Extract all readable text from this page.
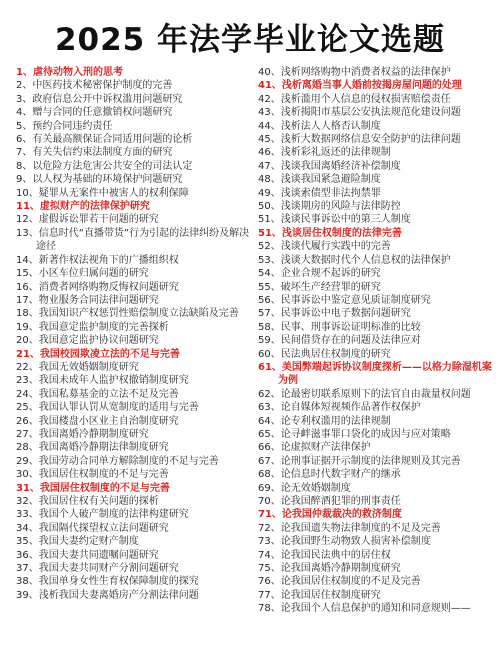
2025 年法学毕业论文选题
1、虐待动物入刑的思考
2、中医药技术秘密保护制度的完善
3、政府信息公开中诉权滥用问题研究
4、赠与合同的任意撤销权问题研究
5、预约合同违约责任
6、有关最高额保证合同适用问题的论析
7、有关失信约束法制度方面的研究
8、以危险方法危害公共安全的司法认定
9、以人权为基础的环境保护问题研究
10、疑罪从无案件中被害人的权利保障
11、虚拟财产的法律保护研究
12、虚假诉讼罪若干问题的研究
13、信息时代“直播带货”行为引起的法律纠纷及解决途径
14、新著作权法视角下的广播组织权
15、小区车位归属问题的研究
16、消费者网络购物反悔权问题研究
17、物业服务合同法律问题研究
18、我国知识产权惩罚性赔偿制度立法缺陷及完善
19、我国意定监护制度的完善探析
20、我国意定监护协议问题研究
21、我国校园欺凌立法的不足与完善
22、我国无效婚姻制度研究
23、我国未成年人监护权撤销制度研究
24、我国私募基金的立法不足及完善
25、我国认罪认罚从宽制度的适用与完善
26、我国楼盘小区业主自治制度研究
27、我国离婚冷静期制度研究
28、我国离婚冷静期法律制度研究
29、我国劳动合同单方解除制度的不足与完善
30、我国居住权制度的不足与完善
31、我国居住权制度的不足与完善
32、我国居住权有关问题的探析
33、我国个人破产制度的法律构建研究
34、我国隔代探望权立法问题研究
35、我国夫妻约定财产制度
36、我国夫妻共同遗嘱问题研究
37、我国夫妻共同财产分割问题研究
38、我国单身女性生育权保障制度的探究
39、浅析我国夫妻离婚房产分割法律问题
40、浅析网络购物中消费者权益的法律保护
41、浅析离婚当事人婚前按揭房屋问题的处理
42、浅析滥用个人信息的侵权损害赔偿责任
43、浅析揭阳市基层公安执法规范化建设问题
44、浅析法人人格否认制度
45、浅析大数据网络信息安全防护的法律问题
46、浅析彩礼返还的法律规制
47、浅谈我国离婚经济补偿制度
48、浅谈我国紧急避险制度
49、浅谈索债型非法拘禁罪
50、浅谈期房的风险与法律防控
51、浅谈民事诉讼中的第三人制度
51、浅谈居住权制度的法律完善
52、浅谈代履行实践中的完善
53、浅谈大数据时代个人信息权的法律保护
54、企业合规不起诉的研究
55、破坏生产经营罪的研究
56、民事诉讼中鉴定意见质证制度研究
57、民事诉讼中电子数据问题研究
58、民事、刑事诉讼证明标准的比较
59、民间借贷存在的问题及法律应对
60、民法典居住权制度的研究
61、美国弊端起诉协议制度探析——以格力除湿机案为例
62、论最密切联系原则下的法官自由裁量权问题
63、论自媒体短视频作品著作权保护
64、论专利权滥用的法律规制
65、论寻衅滋事罪口袋化的成因与应对策略
66、论虚拟财产法律保护
67、论刑事证据开示制度的法律规则及其完善
68、论信息时代数字财产的继承
69、论无效婚姻制度
70、论我国醉酒犯罪的刑事责任
71、论我国仲裁裁决的救济制度
72、论我国遗失物法律制度的不足及完善
73、论我国野生动物致人损害补偿制度
74、论我国民法典中的居住权
75、论我国离婚冷静期制度研究
76、论我国居住权制度的不足及完善
77、论我国居住权制度研究
78、论我国个人信息保护的通知和同意规则——
